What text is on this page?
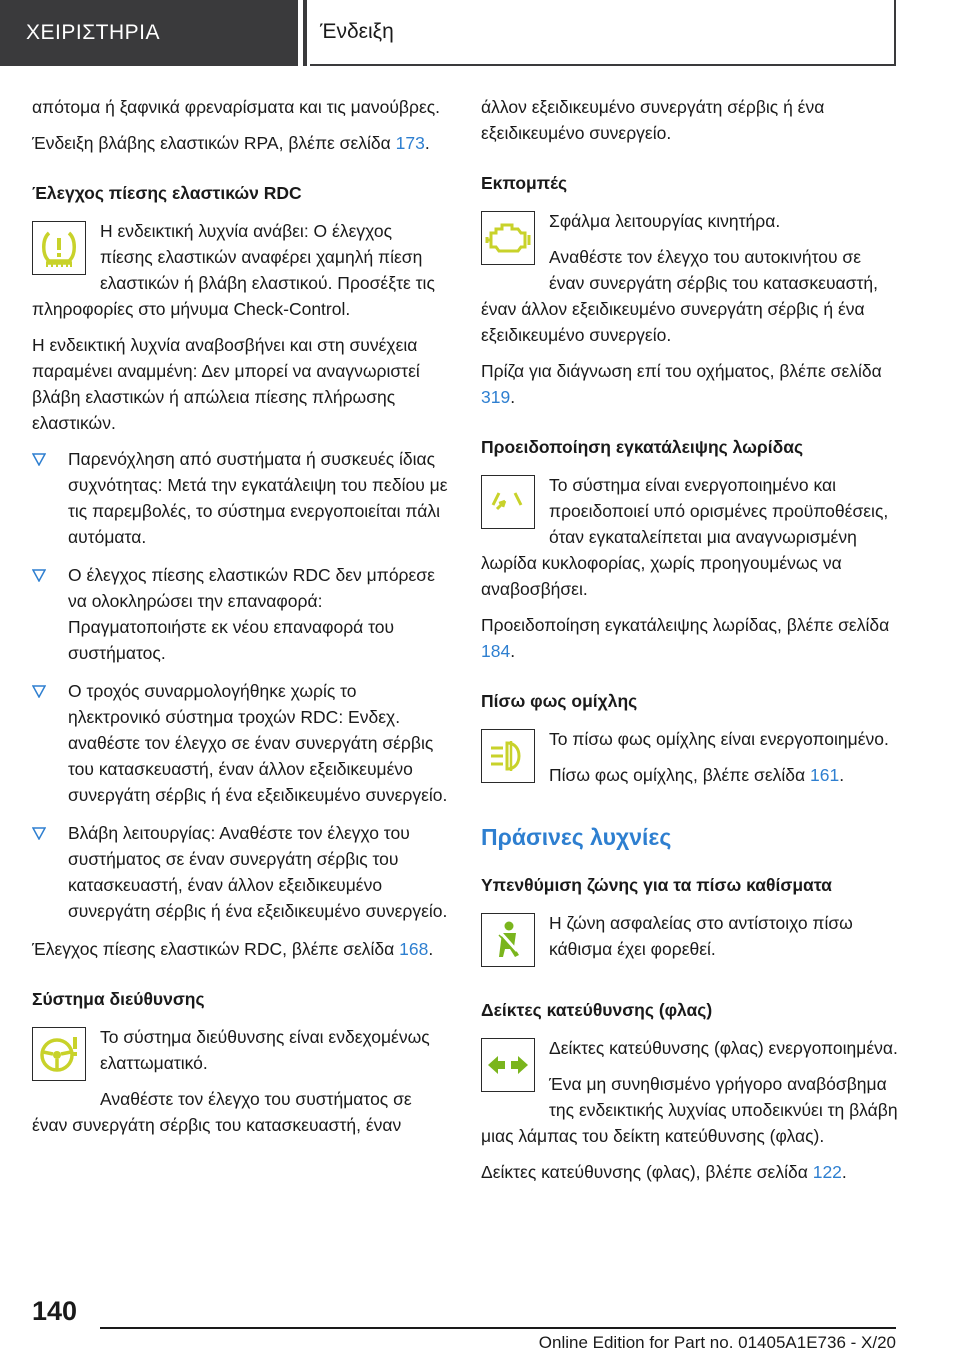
ΧΕΙΡΙΣΤΗΡΙΑ	Ένδειξη

απότομα ή ξαφνικά φρεναρίσματα και τις μανούβρες.

Ένδειξη βλάβης ελαστικών RPA, βλέπε σελίδα 173.

Έλεγχος πίεσης ελαστικών RDC

Η ενδεικτική λυχνία ανάβει: Ο έλεγχος πίεσης ελαστικών αναφέρει χαμηλή πίεση ελαστικών ή βλάβη ελαστικού. Προσέξτε τις πληροφορίες στο μήνυμα Check-Control.

Η ενδεικτική λυχνία αναβοσβήνει και στη συνέχεια παραμένει αναμμένη: Δεν μπορεί να αναγνωριστεί βλάβη ελαστικών ή απώλεια πίεσης πλήρωσης ελαστικών.

Παρενόχληση από συστήματα ή συσκευές ίδιας συχνότητας: Μετά την εγκατάλειψη του πεδίου με τις παρεμβολές, το σύστημα ενεργοποιείται πάλι αυτόματα.
Ο έλεγχος πίεσης ελαστικών RDC δεν μπόρεσε να ολοκληρώσει την επαναφορά: Πραγματοποιήστε εκ νέου επαναφορά του συστήματος.
Ο τροχός συναρμολογήθηκε χωρίς το ηλεκτρονικό σύστημα τροχών RDC: Ενδεχ. αναθέστε τον έλεγχο σε έναν συνεργάτη σέρβις του κατασκευαστή, έναν άλλον εξειδικευμένο συνεργάτη σέρβις ή ένα εξειδικευμένο συνεργείο.
Βλάβη λειτουργίας: Αναθέστε τον έλεγχο του συστήματος σε έναν συνεργάτη σέρβις του κατασκευαστή, έναν άλλον εξειδικευμένο συνεργάτη σέρβις ή ένα εξειδικευμένο συνεργείο.

Έλεγχος πίεσης ελαστικών RDC, βλέπε σελίδα 168.

Σύστημα διεύθυνσης

Το σύστημα διεύθυνσης είναι ενδεχομένως ελαττωματικό.

Αναθέστε τον έλεγχο του συστήματος σε έναν συνεργάτη σέρβις του κατασκευαστή, έναν

άλλον εξειδικευμένο συνεργάτη σέρβις ή ένα εξειδικευμένο συνεργείο.

Εκπομπές

Σφάλμα λειτουργίας κινητήρα.

Αναθέστε τον έλεγχο του αυτοκινήτου σε έναν συνεργάτη σέρβις του κατασκευαστή, έναν άλλον εξειδικευμένο συνεργάτη σέρβις ή ένα εξειδικευμένο συνεργείο.

Πρίζα για διάγνωση επί του οχήματος, βλέπε σελίδα 319.

Προειδοποίηση εγκατάλειψης λωρίδας

Το σύστημα είναι ενεργοποιημένο και προειδοποιεί υπό ορισμένες προϋποθέσεις, όταν εγκαταλείπεται μια αναγνωρισμένη λωρίδα κυκλοφορίας, χωρίς προηγουμένως να αναβοσβήσει.

Προειδοποίηση εγκατάλειψης λωρίδας, βλέπε σελίδα 184.

Πίσω φως ομίχλης

Το πίσω φως ομίχλης είναι ενεργοποιημένο.

Πίσω φως ομίχλης, βλέπε σελίδα 161.

Πράσινες λυχνίες
Υπενθύμιση ζώνης για τα πίσω καθίσματα

Η ζώνη ασφαλείας στο αντίστοιχο πίσω κάθισμα έχει φορεθεί.

Δείκτες κατεύθυνσης (φλας)

Δείκτες κατεύθυνσης (φλας) ενεργοποιημένα.

Ένα μη συνηθισμένο γρήγορο αναβόσβημα της ενδεικτικής λυχνίας υποδεικνύει τη βλάβη μιας λάμπας του δείκτη κατεύθυνσης (φλας).

Δείκτες κατεύθυνσης (φλας), βλέπε σελίδα 122.

140
Online Edition for Part no. 01405A1E736 - X/20
